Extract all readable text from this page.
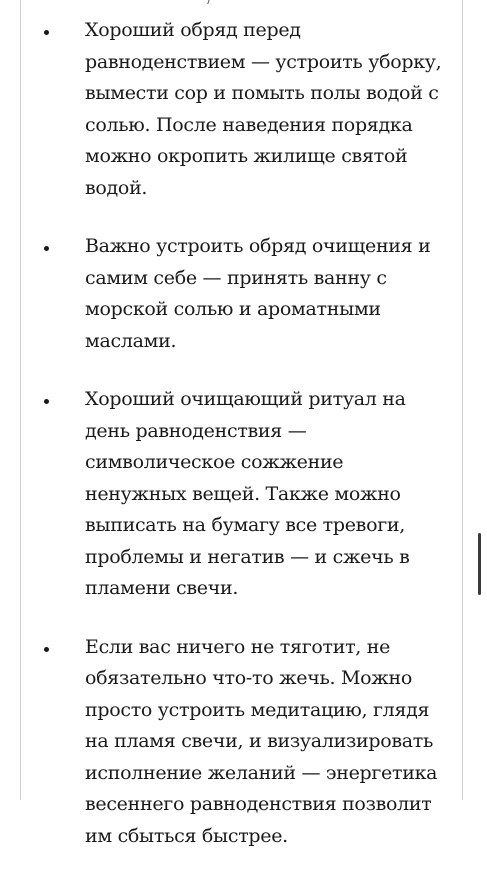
Хороший обряд перед равноденствием — устроить уборку, вымести сор и помыть полы водой с солью. После наведения порядка можно окропить жилище святой водой.

Важно устроить обряд очищения и самим себе — принять ванну с морской солью и ароматными маслами.

Хороший очищающий ритуал на день равноденствия — символическое сожжение ненужных вещей. Также можно выписать на бумагу все тревоги, проблемы и негатив — и сжечь в пламени свечи.

Если вас ничего не тяготит, не обязательно что-то жечь. Можно просто устроить медитацию, глядя на пламя свечи, и визуализировать исполнение желаний — энергетика весеннего равноденствия позволит им сбыться быстрее.
